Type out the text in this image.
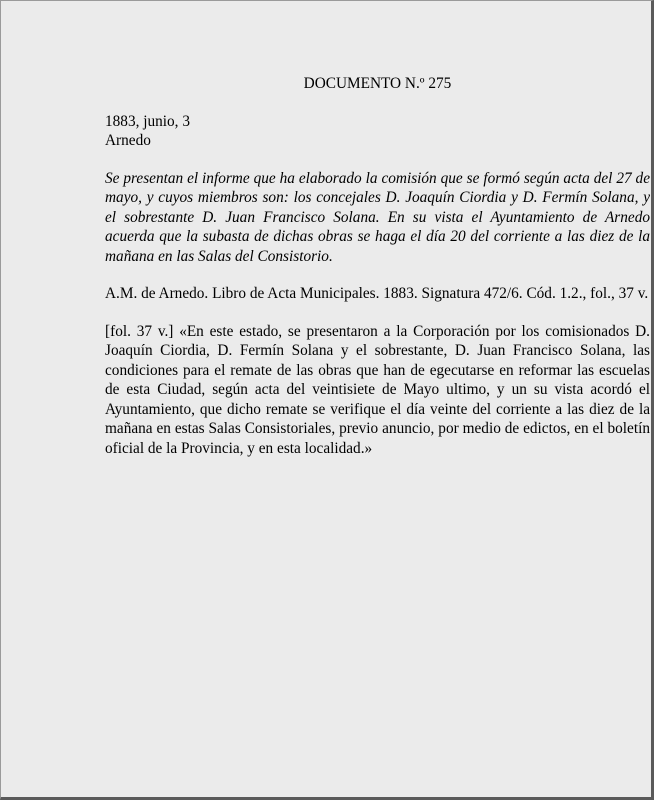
DOCUMENTO N.º 275

1883, junio, 3

Arnedo

Se presentan el informe que ha elaborado la comisión que se formó según acta del 27 de mayo, y cuyos miembros son: los concejales D. Joaquín Ciordia y D. Fermín Solana, y el sobrestante D. Juan Francisco Solana. En su vista el Ayuntamiento de Arnedo acuerda que la subasta de dichas obras se haga el día 20 del corriente a las diez de la mañana en las Salas del Consistorio.

A.M. de Arnedo. Libro de Acta Municipales. 1883. Signatura 472/6. Cód. 1.2., fol., 37 v.

[fol. 37 v.] «En este estado, se presentaron a la Corporación por los comisionados D. Joaquín Ciordia, D. Fermín Solana y el sobrestante, D. Juan Francisco Solana, las condiciones para el remate de las obras que han de egecutarse en reformar las escuelas de esta Ciudad, según acta del veintisiete de Mayo ultimo, y un su vista acordó el Ayuntamiento, que dicho remate se verifique el día veinte del corriente a las diez de la mañana en estas Salas Consistoriales, previo anuncio, por medio de edictos, en el boletín oficial de la Provincia, y en esta localidad.»
